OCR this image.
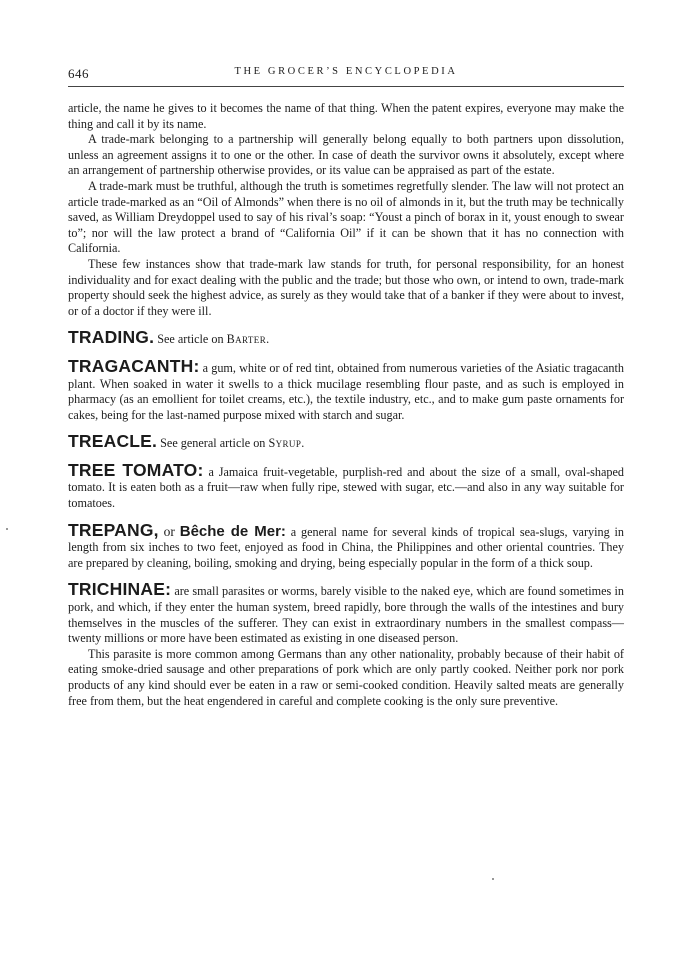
646	THE GROCER’S ENCYCLOPEDIA

article, the name he gives to it becomes the name of that thing. When the patent expires, everyone may make the thing and call it by its name.

A trade-mark belonging to a partnership will generally belong equally to both partners upon dissolution, unless an agreement assigns it to one or the other. In case of death the survivor owns it absolutely, except where an arrangement of partnership otherwise provides, or its value can be appraised as part of the estate.

A trade-mark must be truthful, although the truth is sometimes regretfully slender. The law will not protect an article trade-marked as an “Oil of Almonds” when there is no oil of almonds in it, but the truth may be technically saved, as William Dreydoppel used to say of his rival’s soap: “Youst a pinch of borax in it, youst enough to swear to”; nor will the law protect a brand of “California Oil” if it can be shown that it has no connection with California.

These few instances show that trade-mark law stands for truth, for personal responsibility, for an honest individuality and for exact dealing with the public and the trade; but those who own, or intend to own, trade-mark property should seek the highest advice, as surely as they would take that of a banker if they were about to invest, or of a doctor if they were ill.

TRADING. See article on Barter.

TRAGACANTH: a gum, white or of red tint, obtained from numerous varieties of the Asiatic tragacanth plant. When soaked in water it swells to a thick mucilage resembling flour paste, and as such is employed in pharmacy (as an emollient for toilet creams, etc.), the textile industry, etc., and to make gum paste ornaments for cakes, being for the last-named purpose mixed with starch and sugar.

TREACLE. See general article on Syrup.

TREE TOMATO: a Jamaica fruit-vegetable, purplish-red and about the size of a small, oval-shaped tomato. It is eaten both as a fruit—raw when fully ripe, stewed with sugar, etc.—and also in any way suitable for tomatoes.

TREPANG, or Bêche de Mer: a general name for several kinds of tropical sea-slugs, varying in length from six inches to two feet, enjoyed as food in China, the Philippines and other oriental countries. They are prepared by cleaning, boiling, smoking and drying, being especially popular in the form of a thick soup.

TRICHINAE: are small parasites or worms, barely visible to the naked eye, which are found sometimes in pork, and which, if they enter the human system, breed rapidly, bore through the walls of the intestines and bury themselves in the muscles of the sufferer. They can exist in extraordinary numbers in the smallest compass—twenty millions or more have been estimated as existing in one diseased person.

This parasite is more common among Germans than any other nationality, probably because of their habit of eating smoke-dried sausage and other preparations of pork which are only partly cooked. Neither pork nor pork products of any kind should ever be eaten in a raw or semi-cooked condition. Heavily salted meats are generally free from them, but the heat engendered in careful and complete cooking is the only sure preventive.
